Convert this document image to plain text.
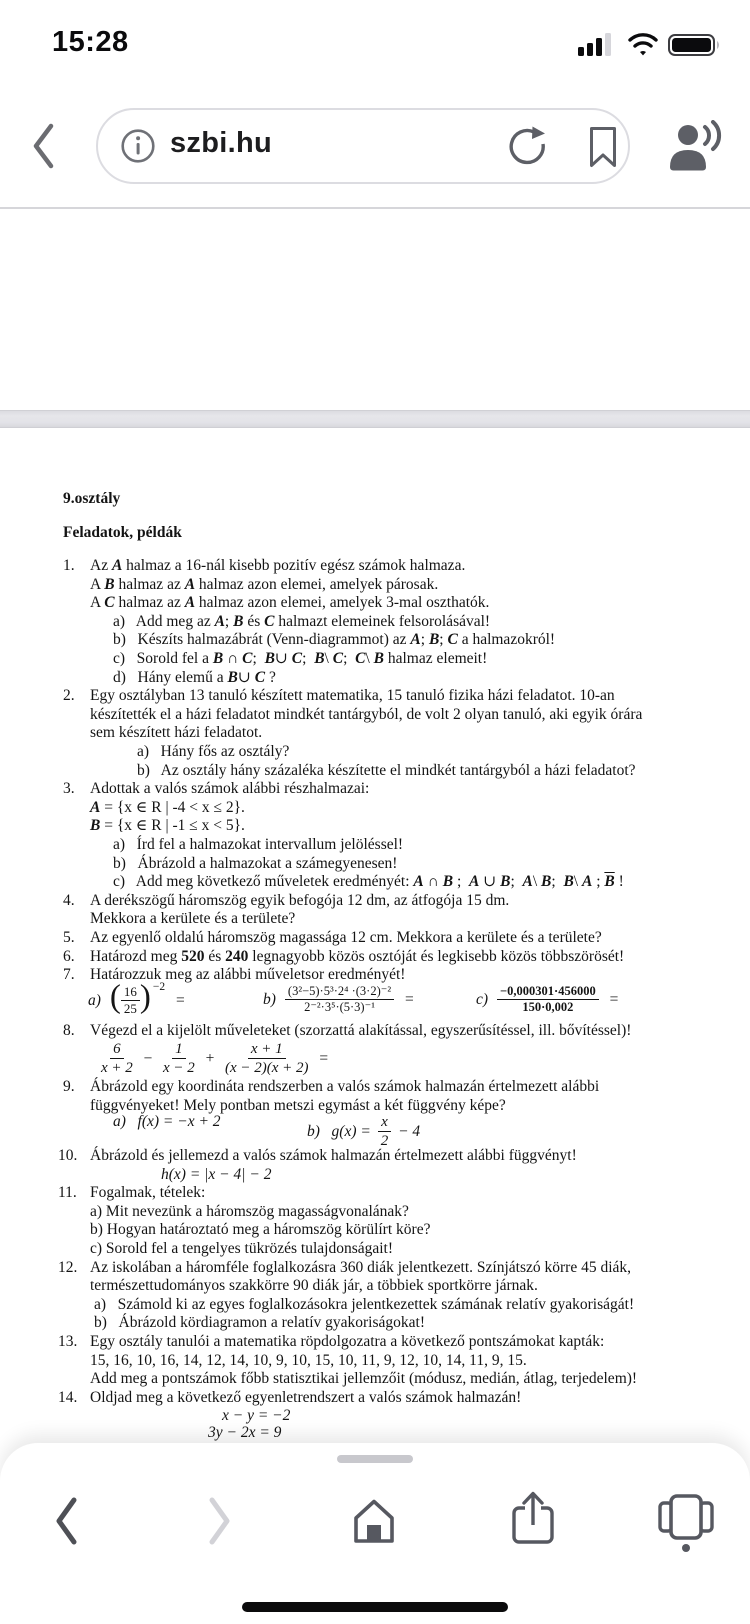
15:28
szbi.hu
9.osztály
Feladatok, példák
1. Az A halmaz a 16-nál kisebb pozitív egész számok halmaza.
A B halmaz az A halmaz azon elemei, amelyek párosak.
A C halmaz az A halmaz azon elemei, amelyek 3-mal oszthatók.
a)   Add meg az A; B és C halmazt elemeinek felsorolásával!
b)   Készíts halmazábrát (Venn-diagrammot) az A; B; C a halmazokról!
c)   Sorold fel a B ∩ C;  B∪ C;  B\ C;  C\ B halmaz elemeit!
d)   Hány elemű a B∪ C ?
2. Egy osztályban 13 tanuló készített matematika, 15 tanuló fizika házi feladatot. 10-an
készítették el a házi feladatot mindkét tantárgyból, de volt 2 olyan tanuló, aki egyik órára
sem készített házi feladatot.
a)   Hány fős az osztály?
b)   Az osztály hány százaléka készítette el mindkét tantárgyból a házi feladatot?
3. Adottak a valós számok alábbi részhalmazai:
A = {x ∈ R | -4 < x ≤ 2}.
B = {x ∈ R | -1 ≤ x < 5}.
a)   Írd fel a halmazokat intervallum jelöléssel!
b)   Ábrázold a halmazokat a számegyenesen!
c)   Add meg következő műveletek eredményét: A ∩ B ;  A ∪ B;  A\ B;  B\ A ; $\overline{B}$ !
4. A derékszögű háromszög egyik befogója 12 dm, az átfogója 15 dm.
Mekkora a kerülete és a területe?
5. Az egyenlő oldalú háromszög magassága 12 cm. Mekkora a kerülete és a területe?
6. Határozd meg 520 és 240 legnagyobb közös osztóját és legkisebb közös többszörösét!
7. Határozzuk meg az alábbi műveletsor eredményét!
a) ( $\frac{16}{25} )^{-2}$
=	$b) \frac{\text{(3²−5)·5³·2⁴ ·(3·2)⁻²}}{\text{2⁻²·3⁵·(5·3)⁻¹}}$ =	$c) \frac{-0,000301\cdot 456000}{150\cdot 0,002}$ =
8. Végezd el a kijelölt műveleteket (szorzattá alakítással, egyszerűsítéssel, ill. bővítéssel)!
$\frac{6}{x + 2} - \frac{1}{x - 2} + \frac{x + 1}{(x - 2)(x + 2)}$ =
9. Ábrázold egy koordináta rendszerben a valós számok halmazán értelmezett alábbi
függvényeket! Mely pontban metszi egymást a két függvény képe?
a)   f(x) = −x + 2
b)   $g(x) = \frac{x}{2} - 4$
10. Ábrázold és jellemezd a valós számok halmazán értelmezett alábbi függvényt!
h(x) = |x − 4| − 2
11. Fogalmak, tételek:
a) Mit nevezünk a háromszög magasságvonalának?
b) Hogyan határoztató meg a háromszög körülírt köre?
c) Sorold fel a tengelyes tükrözés tulajdonságait!
12. Az iskolában a háromféle foglalkozásra 360 diák jelentkezett. Színjátszó körre 45 diák,
természettudományos szakkörre 90 diák jár, a többiek sportkörre járnak.
a)   Számold ki az egyes foglalkozásokra jelentkezettek számának relatív gyakoriságát!
b)   Ábrázold kördiagramon a relatív gyakoriságokat!
13. Egy osztály tanulói a matematika röpdolgozatra a következő pontszámokat kapták:
15, 16, 10, 16, 14, 12, 14, 10, 9, 10, 15, 10, 11, 9, 12, 10, 14, 11, 9, 15.
Add meg a pontszámok főbb statisztikai jellemzőit (módusz, medián, átlag, terjedelem)!
14. Oldjad meg a következő egyenletrendszert a valós számok halmazán!
x − y = −2
3y − 2x = 9
